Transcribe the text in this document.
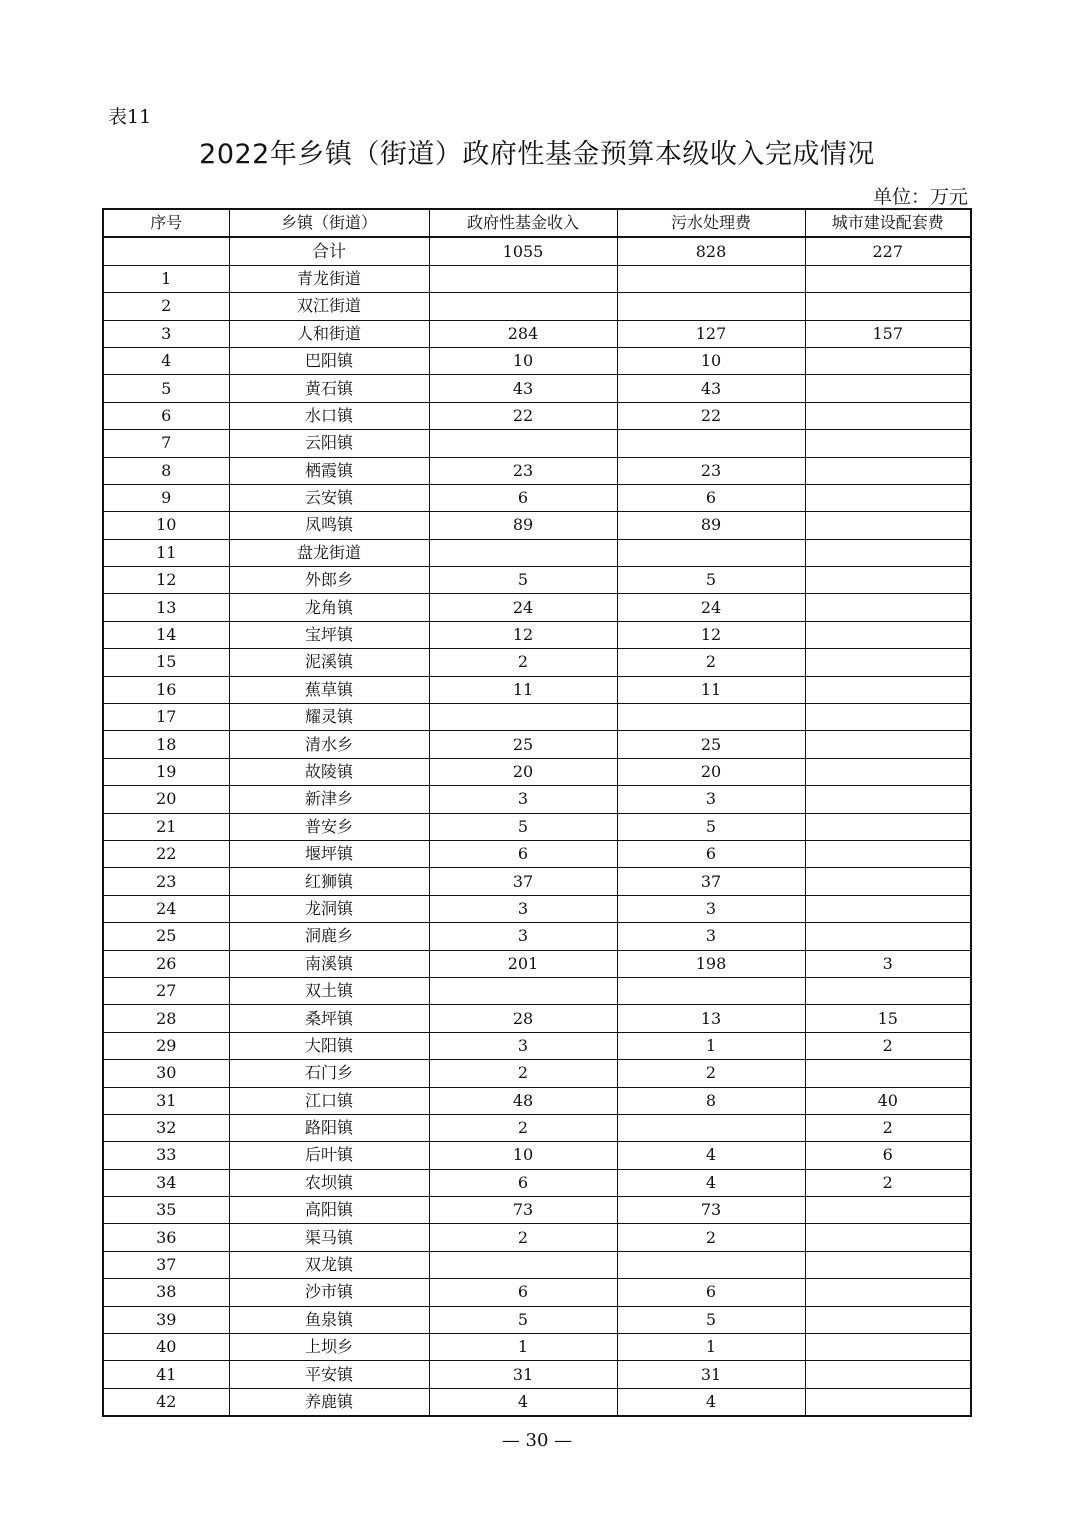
表11
2022年乡镇（街道）政府性基金预算本级收入完成情况
单位：万元
序号	乡镇（街道）	政府性基金收入	污水处理费	城市建设配套费
	合计	1055	828	227
1	青龙街道			
2	双江街道			
3	人和街道	284	127	157
4	巴阳镇	10	10	
5	黄石镇	43	43	
6	水口镇	22	22	
7	云阳镇			
8	栖霞镇	23	23	
9	云安镇	6	6	
10	凤鸣镇	89	89	
11	盘龙街道			
12	外郎乡	5	5	
13	龙角镇	24	24	
14	宝坪镇	12	12	
15	泥溪镇	2	2	
16	蕉草镇	11	11	
17	耀灵镇			
18	清水乡	25	25	
19	故陵镇	20	20	
20	新津乡	3	3	
21	普安乡	5	5	
22	堰坪镇	6	6	
23	红狮镇	37	37	
24	龙洞镇	3	3	
25	洞鹿乡	3	3	
26	南溪镇	201	198	3
27	双土镇			
28	桑坪镇	28	13	15
29	大阳镇	3	1	2
30	石门乡	2	2	
31	江口镇	48	8	40
32	路阳镇	2		2
33	后叶镇	10	4	6
34	农坝镇	6	4	2
35	高阳镇	73	73	
36	渠马镇	2	2	
37	双龙镇			
38	沙市镇	6	6	
39	鱼泉镇	5	5	
40	上坝乡	1	1	
41	平安镇	31	31	
42	养鹿镇	4	4	
— 30 —
